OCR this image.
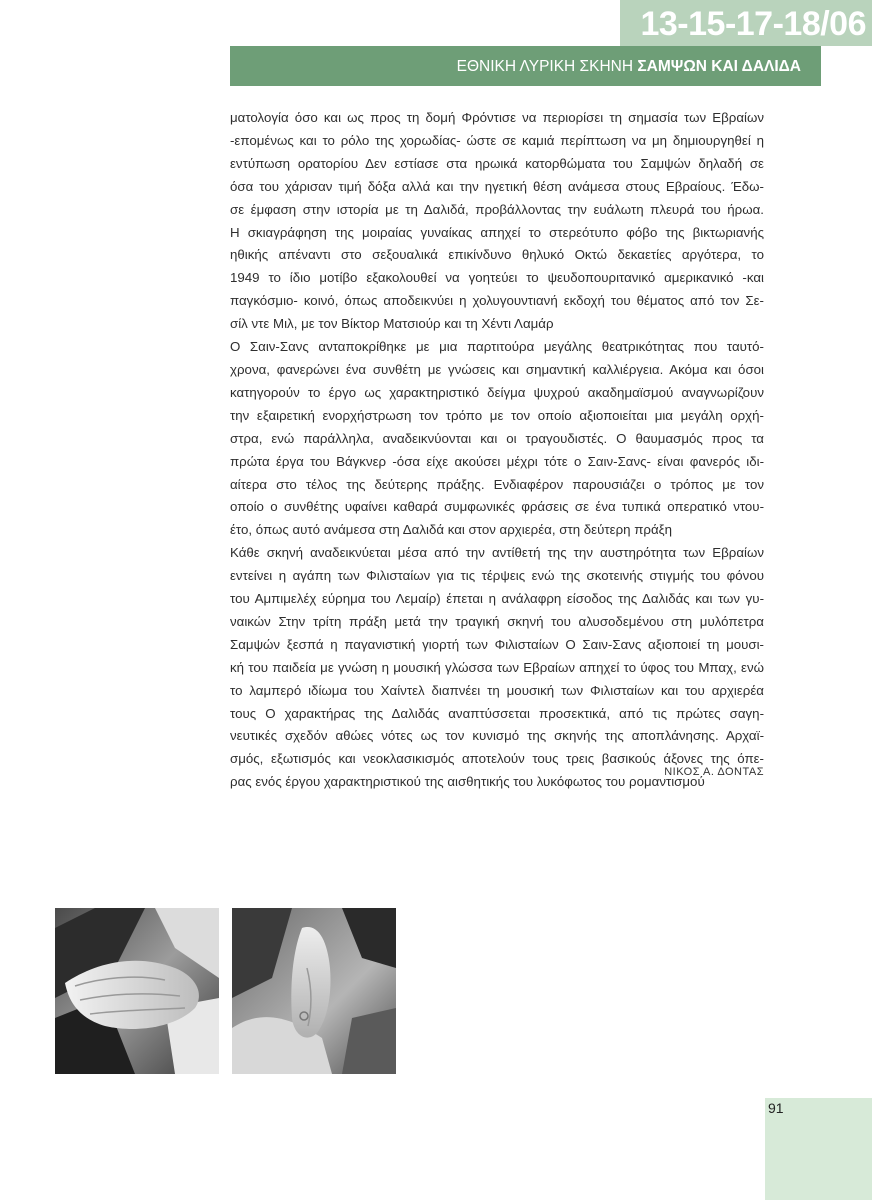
13-15-17-18/06
ΕΘΝΙΚΗ ΛΥΡΙΚΗ ΣΚΗΝΗ ΣΑΜΨΩΝ ΚΑΙ ΔΑΛΙΔΑ
ματολογία όσο και ως προς τη δομή Φρόντισε να περιορίσει τη σημασία των Εβραίων
-επομένως και το ρόλο της χορωδίας- ώστε σε καμιά περίπτωση να μη δημιουργηθεί η
εντύπωση ορατορίου Δεν εστίασε στα ηρωικά κατορθώματα του Σαμψών δηλαδή σε
όσα του χάρισαν τιμή δόξα αλλά και την ηγετική θέση ανάμεσα στους Εβραίους. Έδω-
σε έμφαση στην ιστορία με τη Δαλιδά, προβάλλοντας την ευάλωτη πλευρά του ήρωα.
Η σκιαγράφηση της μοιραίας γυναίκας απηχεί το στερεότυπο φόβο της βικτωριανής
ηθικής απέναντι στο σεξουαλικά επικίνδυνο θηλυκό Οκτώ δεκαετίες αργότερα, το
1949 το ίδιο μοτίβο εξακολουθεί να γοητεύει το ψευδοπουριτανικό αμερικανικό -και
παγκόσμιο- κοινό, όπως αποδεικνύει η χολυγουντιανή εκδοχή του θέματος από τον Σε-
σίλ ντε Μιλ, με τον Βίκτορ Ματσιούρ και τη Χέντι Λαμάρ
Ο Σαιν-Σανς ανταποκρίθηκε με μια παρτιτούρα μεγάλης θεατρικότητας που ταυτό-
χρονα, φανερώνει ένα συνθέτη με γνώσεις και σημαντική καλλιέργεια. Ακόμα και όσοι
κατηγορούν το έργο ως χαρακτηριστικό δείγμα ψυχρού ακαδημαϊσμού αναγνωρίζουν
την εξαιρετική ενορχήστρωση τον τρόπο με τον οποίο αξιοποιείται μια μεγάλη ορχή-
στρα, ενώ παράλληλα, αναδεικνύονται και οι τραγουδιστές. Ο θαυμασμός προς τα
πρώτα έργα του Βάγκνερ -όσα είχε ακούσει μέχρι τότε ο Σαιν-Σανς- είναι φανερός ιδι-
αίτερα στο τέλος της δεύτερης πράξης. Ενδιαφέρον παρουσιάζει ο τρόπος με τον
οποίο ο συνθέτης υφαίνει καθαρά συμφωνικές φράσεις σε ένα τυπικά οπερατικό ντου-
έτο, όπως αυτό ανάμεσα στη Δαλιδά και στον αρχιερέα, στη δεύτερη πράξη
Κάθε σκηνή αναδεικνύεται μέσα από την αντίθετή της την αυστηρότητα των Εβραίων
εντείνει η αγάπη των Φιλισταίων για τις τέρψεις ενώ της σκοτεινής στιγμής του φόνου
του Αμπιμελέχ εύρημα του Λεμαίρ) έπεται η ανάλαφρη είσοδος της Δαλιδάς και των γυ-
ναικών Στην τρίτη πράξη μετά την τραγική σκηνή του αλυσοδεμένου στη μυλόπετρα
Σαμψών ξεσπά η παγανιστική γιορτή των Φιλισταίων Ο Σαιν-Σανς αξιοποιεί τη μουσι-
κή του παιδεία με γνώση η μουσική γλώσσα των Εβραίων απηχεί το ύφος του Μπαχ, ενώ
το λαμπερό ιδίωμα του Χαίντελ διαπνέει τη μουσική των Φιλισταίων και του αρχιερέα
τους Ο χαρακτήρας της Δαλιδάς αναπτύσσεται προσεκτικά, από τις πρώτες σαγη-
νευτικές σχεδόν αθώες νότες ως τον κυνισμό της σκηνής της αποπλάνησης. Αρχαϊ-
σμός, εξωτισμός και νεοκλασικισμός αποτελούν τους τρεις βασικούς άξονες της όπε-
ρας ενός έργου χαρακτηριστικού της αισθητικής του λυκόφωτος του ρομαντισμού
ΝΙΚΟΣ Α. ΔΟΝΤΑΣ
91
